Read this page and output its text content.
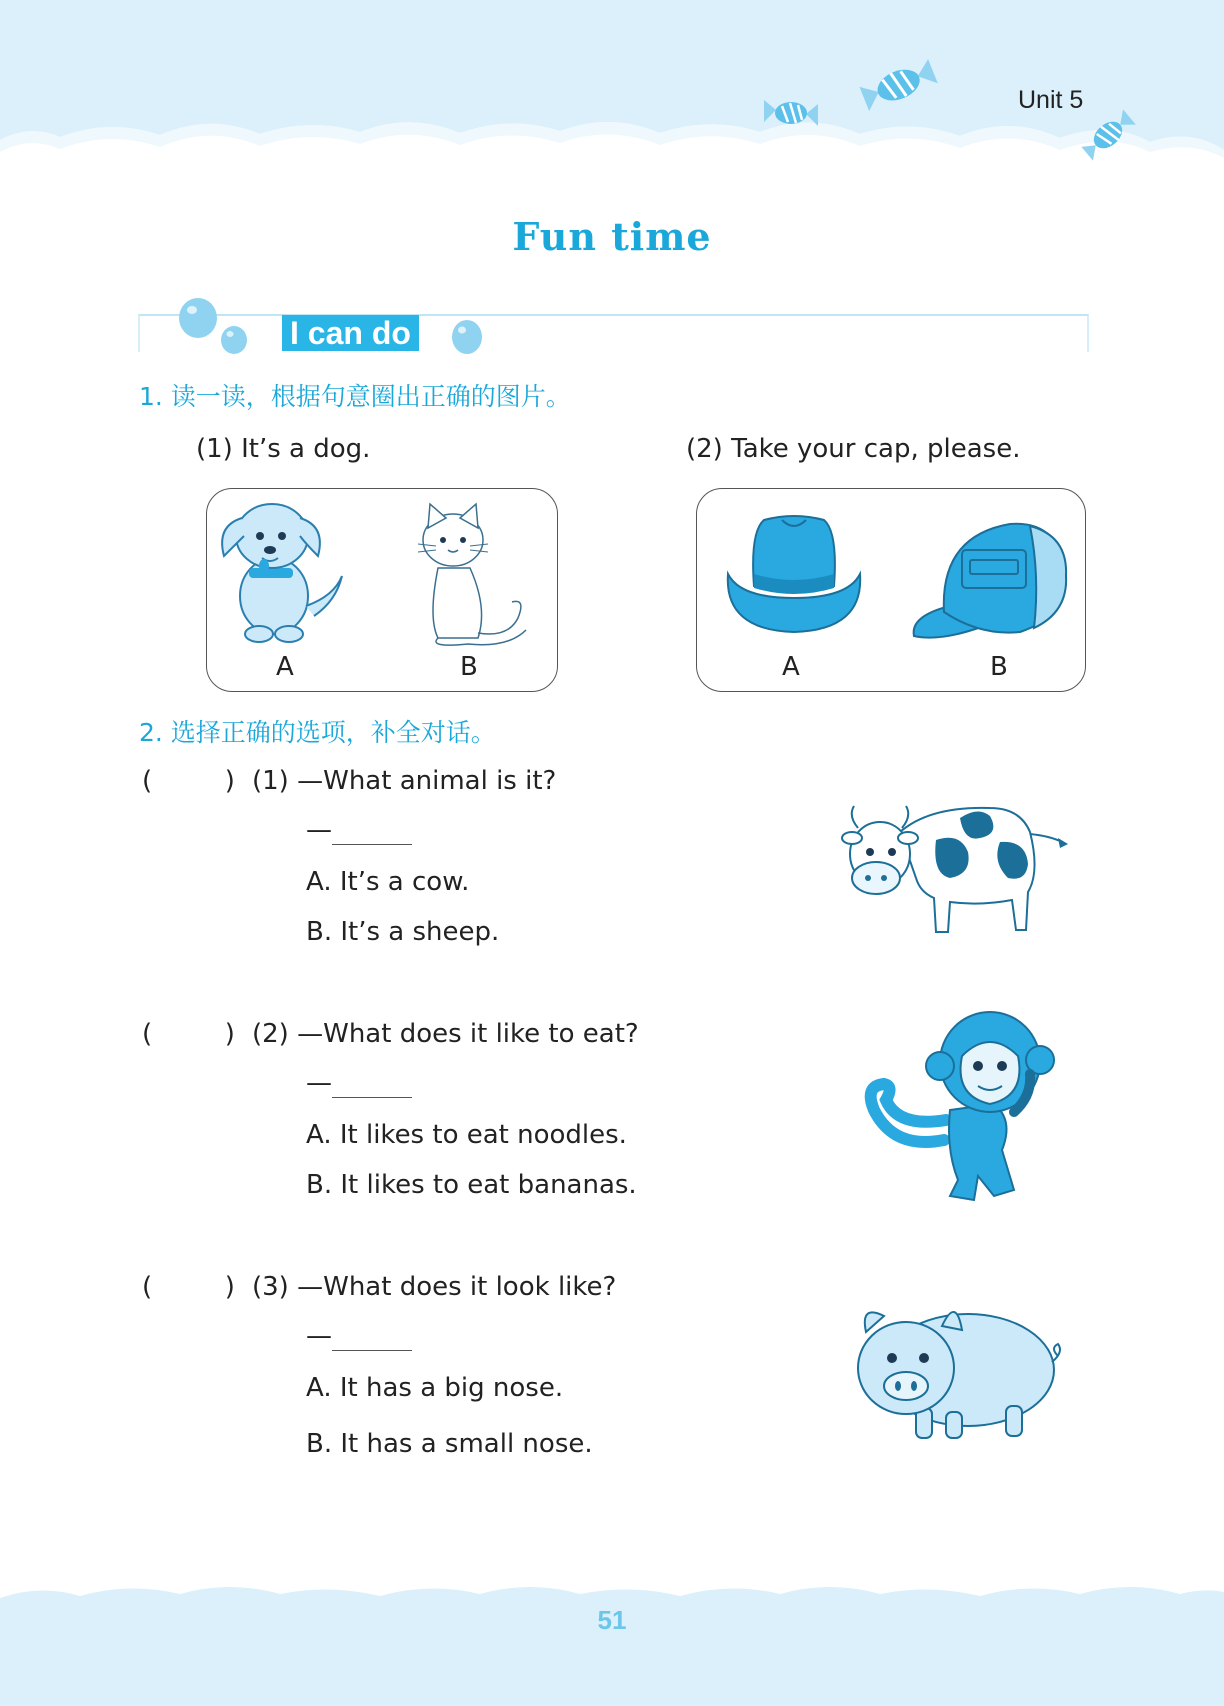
Unit 5
Fun time
I can do
1. 读一读，根据句意圈出正确的图片。
(1) It’s a dog.	(2) Take your cap, please.
A	B	A	B
2. 选择正确的选项，补全对话。
(	) (1) —What animal is it?
—
A. It’s a cow.
B. It’s a sheep.
(	) (2) —What does it like to eat?
—
A. It likes to eat noodles.
B. It likes to eat bananas.
(	) (3) —What does it look like?
—
A. It has a big nose.
B. It has a small nose.
51
